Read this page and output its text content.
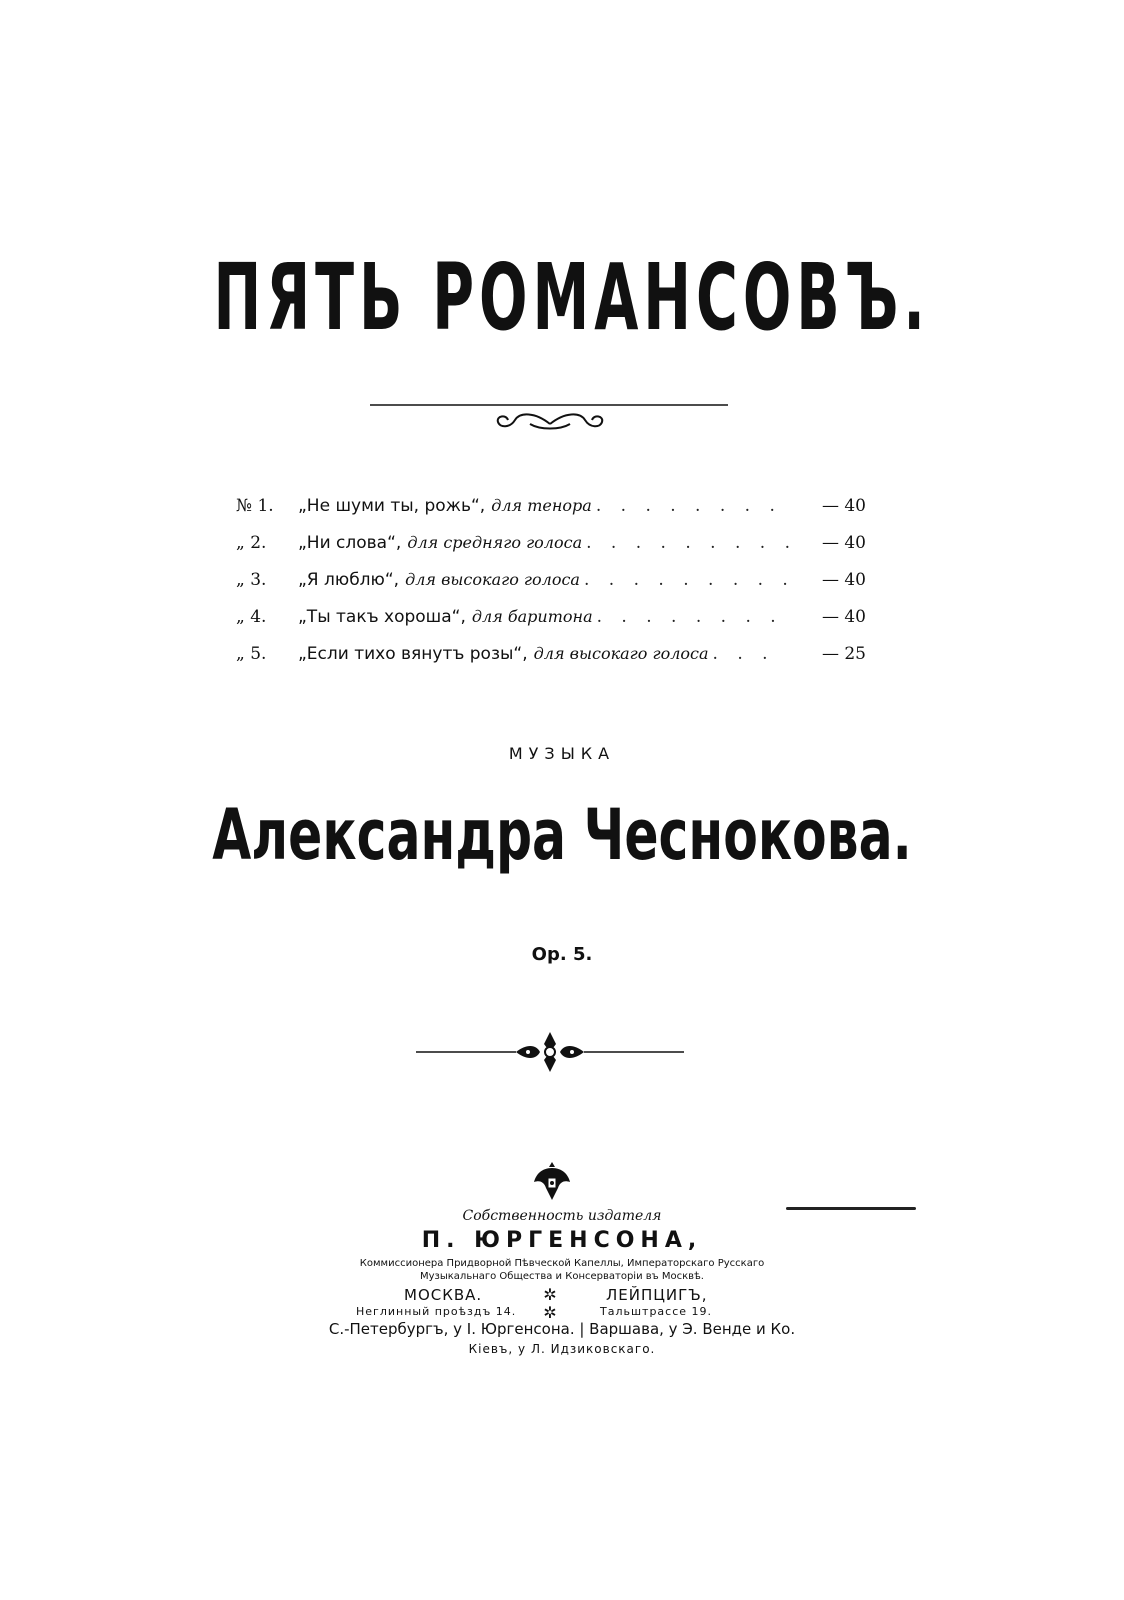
ПЯТЬ РОМАНСОВЪ.
№ 1.	„Не шуми ты, рожь“, для тенора . . . . . . . .	— 40
„ 2.	„Ни слова“, для средняго голоса . . . . . . . . .	— 40
„ 3.	„Я люблю“, для высокаго голоса . . . . . . . . .	— 40
„ 4.	„Ты такъ хороша“, для баритона . . . . . . . .	— 40
„ 5.	„Если тихо вянутъ розы“, для высокаго голоса . . .	— 25
МУЗЫКА
Александра Чеснокова.
Op. 5.
Собственность издателя
П. ЮРГЕНСОНА,
Коммиссионера Придворной Пѣвческой Капеллы, Императорскаго Русскаго
Музыкальнаго Общества и Консерваторіи въ Москвѣ.
МОСКВА.
Неглинный проѣздъ 14.
✲
✲
ЛЕЙПЦИГЪ,
Тальштрассе 19.
С.-Петербургъ, у І. Юргенсона. | Варшава, у Э. Венде и Ко.
Кіевъ, у Л. Идзиковскаго.
